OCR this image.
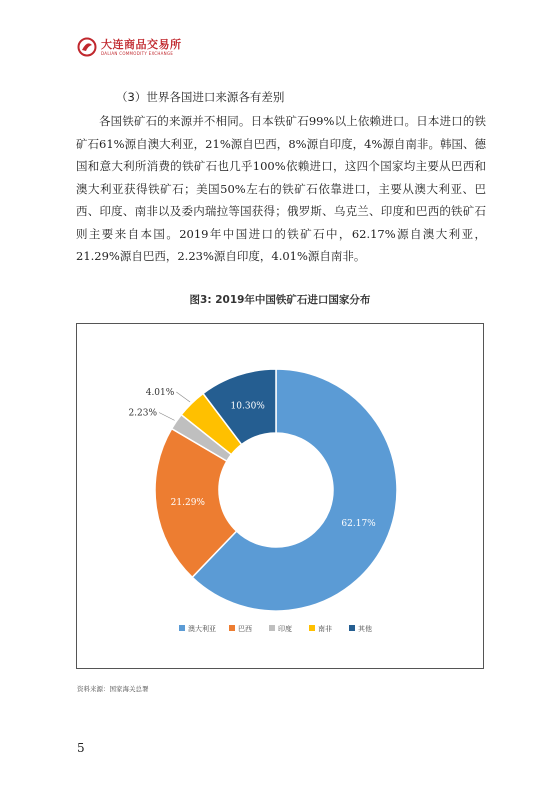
大连商品交易所
DALIAN COMMODITY EXCHANGE
（3）世界各国进口来源各有差别
各国铁矿石的来源并不相同。日本铁矿石99%以上依赖进口。日本进口的铁矿石61%源自澳大利亚，21%源自巴西，8%源自印度，4%源自南非。韩国、德国和意大利所消费的铁矿石也几乎100%依赖进口，这四个国家均主要从巴西和澳大利亚获得铁矿石；美国50%左右的铁矿石依靠进口，主要从澳大利亚、巴西、印度、南非以及委内瑞拉等国获得；俄罗斯、乌克兰、印度和巴西的铁矿石则主要来自本国。2019年中国进口的铁矿石中，62.17%源自澳大利亚，21.29%源自巴西，2.23%源自印度，4.01%源自南非。
图3: 2019年中国铁矿石进口国家分布
62.17%
21.29%
2.23%
4.01%
10.30%
澳大利亚	巴西	印度	南非	其他
资料来源：国家海关总署
5
